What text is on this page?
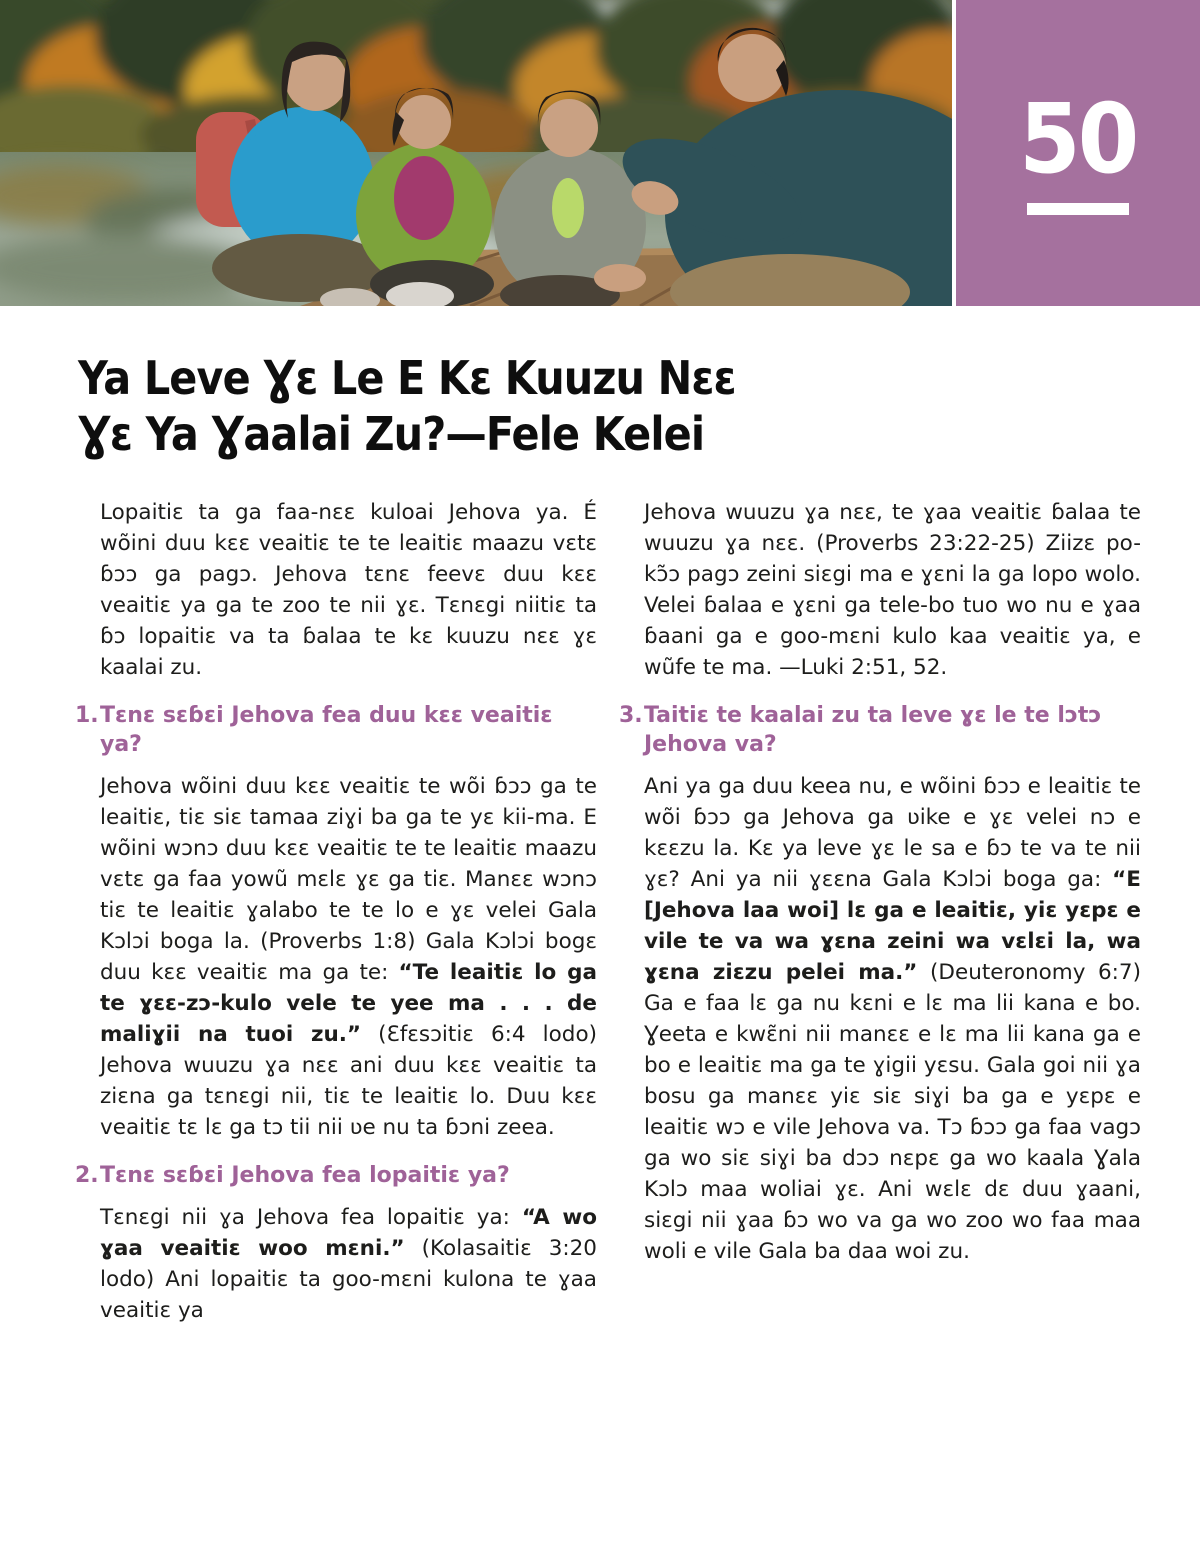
50
Ya Leve Ɣɛ Le E Kɛ Kuuzu Nɛɛ
Ɣɛ Ya Ɣaalai Zu?—Fele Kelei

Lopaitiɛ ta ga faa-nɛɛ kuloai Jehova ya. É wõini duu kɛɛ veaitiɛ te te leaitiɛ maazu vɛtɛ ɓɔɔ ga pagɔ. Jehova tɛnɛ feevɛ duu kɛɛ veaitiɛ ya ga te zoo te nii ɣɛ. Tɛnɛgi niitiɛ ta ɓɔ lopaitiɛ va ta ɓalaa te kɛ kuuzu nɛɛ ɣɛ kaalai zu.

1. Tɛnɛ sɛɓɛi Jehova fea duu kɛɛ veaitiɛ ya?

Jehova wõini duu kɛɛ veaitiɛ te wõi ɓɔɔ ga te leaitiɛ, tiɛ siɛ tamaa ziɣi ba ga te yɛ kii-ma. E wõini wɔnɔ duu kɛɛ veaitiɛ te te leaitiɛ maazu vɛtɛ ga faa yowũ mɛlɛ ɣɛ ga tiɛ. Manɛɛ wɔnɔ tiɛ te leaitiɛ ɣalabo te te lo e ɣɛ velei Gala Kɔlɔi boga la. (Proverbs 1:8) Gala Kɔlɔi bogɛ duu kɛɛ veaitiɛ ma ga te: “Te leaitiɛ lo ga te ɣɛɛ-zɔ-kulo vele te yee ma . . . de maliɣii na tuoi zu.” (Ɛfɛsɔitiɛ 6:4 lodo) Jehova wuuzu ɣa nɛɛ ani duu kɛɛ veaitiɛ ta ziɛna ga tɛnɛgi nii, tiɛ te leaitiɛ lo. Duu kɛɛ veaitiɛ tɛ lɛ ga tɔ tii nii ʋe nu ta ɓɔni zeea.

2. Tɛnɛ sɛɓɛi Jehova fea lopaitiɛ ya?

Tɛnɛgi nii ɣa Jehova fea lopaitiɛ ya: “A wo ɣaa veaitiɛ woo mɛni.” (Kolasaitiɛ 3:20 lodo) Ani lopaitiɛ ta goo-mɛni kulona te ɣaa veaitiɛ ya

Jehova wuuzu ɣa nɛɛ, te ɣaa veaitiɛ ɓalaa te wuuzu ɣa nɛɛ. (Proverbs 23:22-25) Ziizɛ po-kɔ̃ɔ pagɔ zeini siɛgi ma e ɣɛni la ga lopo wolo. Velei ɓalaa e ɣɛni ga tele-bo tuo wo nu e ɣaa ɓaani ga e goo-mɛni kulo kaa veaitiɛ ya, e wũfe te ma. —Luki 2:51, 52.

3. Taitiɛ te kaalai zu ta leve ɣɛ le te lɔtɔ Jehova va?

Ani ya ga duu keea nu, e wõini ɓɔɔ e leaitiɛ te wõi ɓɔɔ ga Jehova ga ʋike e ɣɛ velei nɔ e kɛɛzu la. Kɛ ya leve ɣɛ le sa e ɓɔ te va te nii ɣɛ? Ani ya nii ɣɛɛna Gala Kɔlɔi boga ga: “E [Jehova laa woi] lɛ ga e leaitiɛ, yiɛ yɛpɛ e vile te va wa ɣɛna zeini wa vɛlɛi la, wa ɣɛna ziɛzu pelei ma.” (Deuteronomy 6:7) Ga e faa lɛ ga nu kɛni e lɛ ma lii kana e bo. Ɣeeta e kwɛ̃ni nii manɛɛ e lɛ ma lii kana ga e bo e leaitiɛ ma ga te ɣigii yɛsu. Gala goi nii ɣa bosu ga manɛɛ yiɛ siɛ siɣi ba ga e yɛpɛ e leaitiɛ wɔ e vile Jehova va. Tɔ ɓɔɔ ga faa vagɔ ga wo siɛ siɣi ba dɔɔ nɛpɛ ga wo kaala Ɣala Kɔlɔ maa woliai ɣɛ. Ani wɛlɛ dɛ duu ɣaani, siɛgi nii ɣaa ɓɔ wo va ga wo zoo wo faa maa woli e vile Gala ba daa woi zu.
